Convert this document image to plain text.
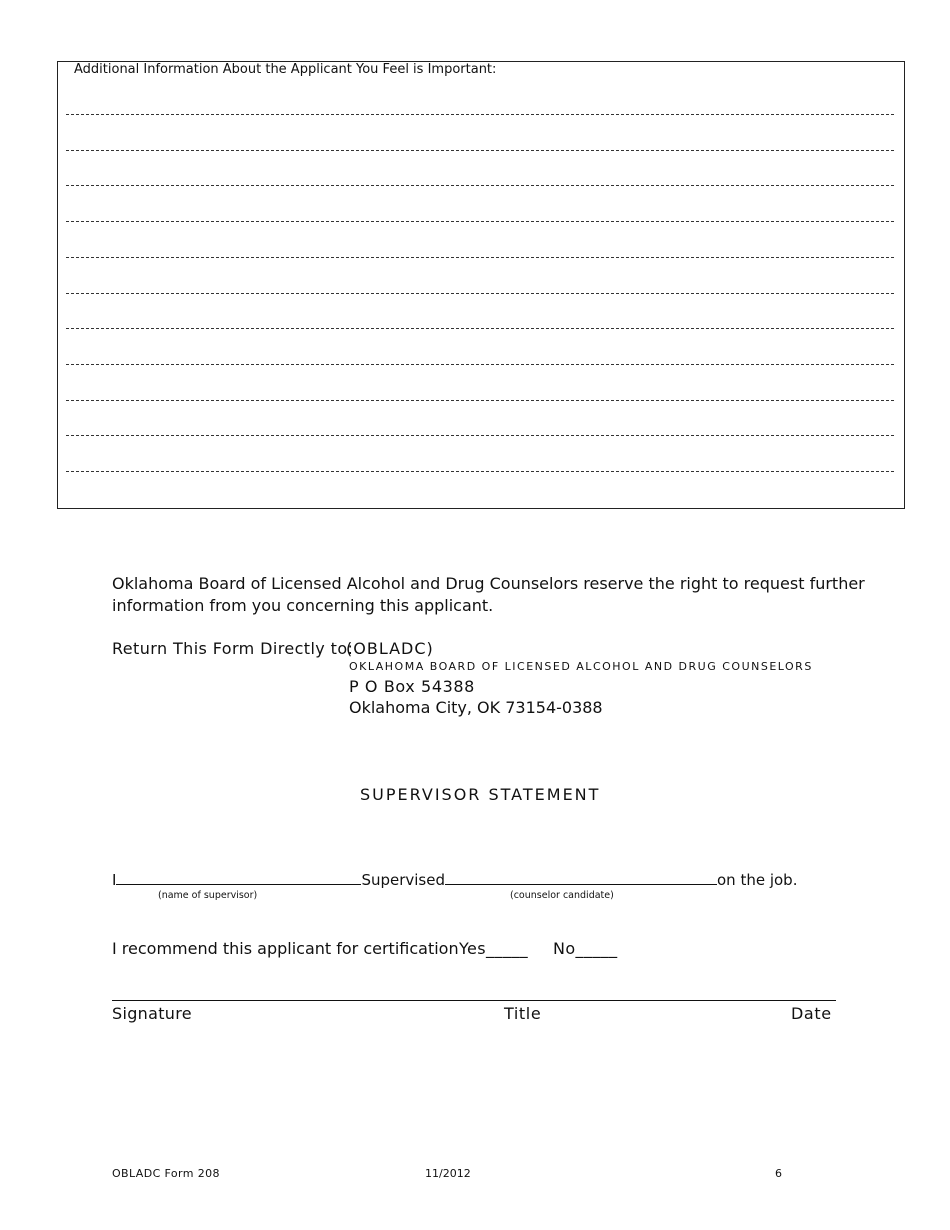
Additional Information About the Applicant You Feel is Important:
Oklahoma Board of Licensed Alcohol and Drug Counselors reserve the right to request further
information from you concerning this applicant.
Return This Form Directly to:
(OBLADC)
OKLAHOMA BOARD OF LICENSED ALCOHOL AND DRUG COUNSELORS
P O Box 54388
Oklahoma City, OK 73154-0388
SUPERVISOR STATEMENT
I	Supervised	on the job.
(name of supervisor)	(counselor candidate)
I recommend this applicant for certification Yes_____ No_____
Signature	Title	Date
OBLADC Form 208	11/2012	6
